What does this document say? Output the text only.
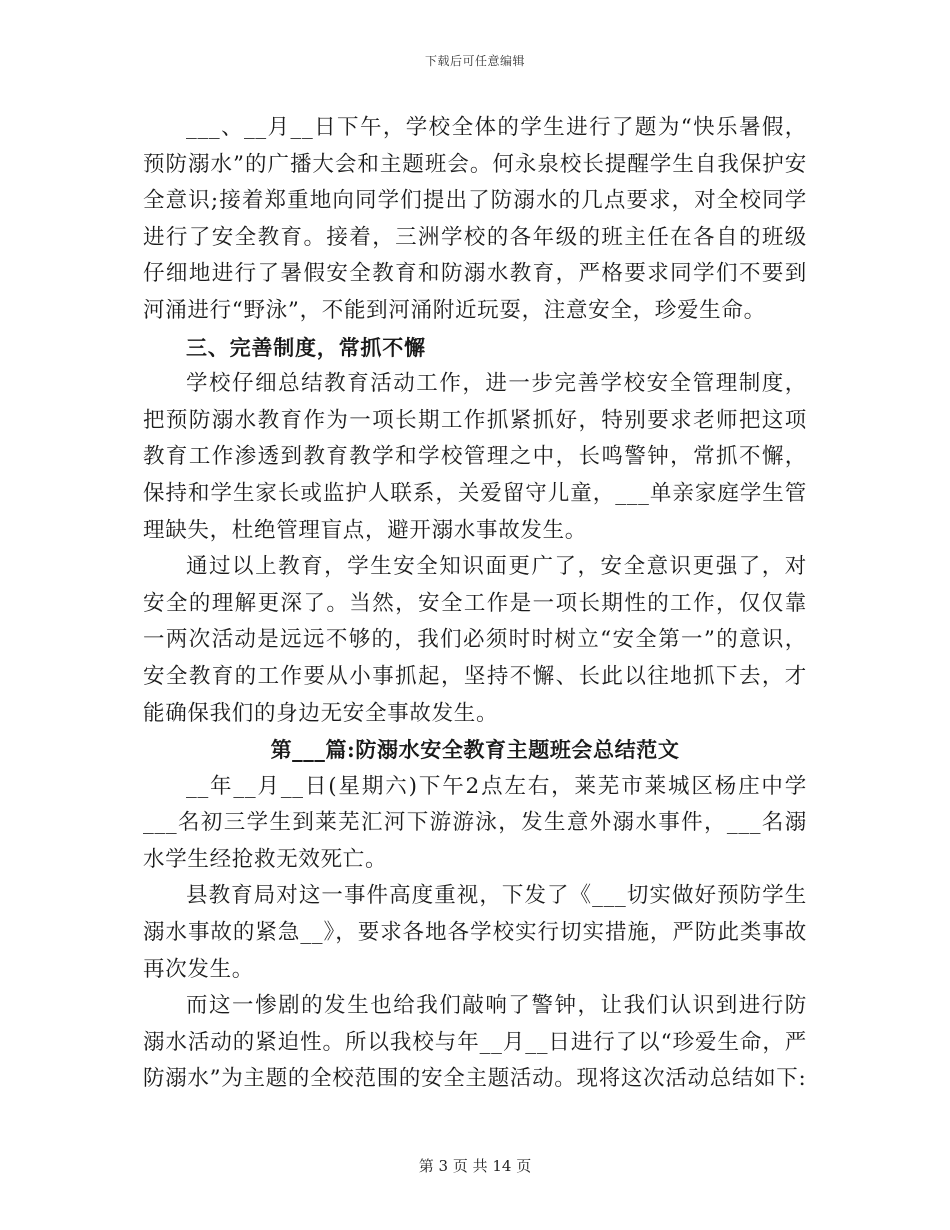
下载后可任意编辑

___、__月__日下午，学校全体的学生进行了题为“快乐暑假，预防溺水”的广播大会和主题班会。何永泉校长提醒学生自我保护安全意识;接着郑重地向同学们提出了防溺水的几点要求，对全校同学进行了安全教育。接着，三洲学校的各年级的班主任在各自的班级仔细地进行了暑假安全教育和防溺水教育，严格要求同学们不要到河涌进行“野泳”，不能到河涌附近玩耍，注意安全，珍爱生命。

三、完善制度，常抓不懈

学校仔细总结教育活动工作，进一步完善学校安全管理制度，把预防溺水教育作为一项长期工作抓紧抓好，特别要求老师把这项教育工作渗透到教育教学和学校管理之中，长鸣警钟，常抓不懈，保持和学生家长或监护人联系，关爱留守儿童，___单亲家庭学生管理缺失，杜绝管理盲点，避开溺水事故发生。

通过以上教育，学生安全知识面更广了，安全意识更强了，对安全的理解更深了。当然，安全工作是一项长期性的工作，仅仅靠一两次活动是远远不够的，我们必须时时树立“安全第一”的意识，安全教育的工作要从小事抓起，坚持不懈、长此以往地抓下去，才能确保我们的身边无安全事故发生。

第___篇:防溺水安全教育主题班会总结范文

__年__月__日(星期六)下午2点左右，莱芜市莱城区杨庄中学___名初三学生到莱芜汇河下游游泳，发生意外溺水事件，___名溺水学生经抢救无效死亡。

县教育局对这一事件高度重视，下发了《___切实做好预防学生溺水事故的紧急__》，要求各地各学校实行切实措施，严防此类事故再次发生。

而这一惨剧的发生也给我们敲响了警钟，让我们认识到进行防溺水活动的紧迫性。所以我校与年__月__日进行了以“珍爱生命，严防溺水”为主题的全校范围的安全主题活动。现将这次活动总结如下:

第 3 页 共 14 页
